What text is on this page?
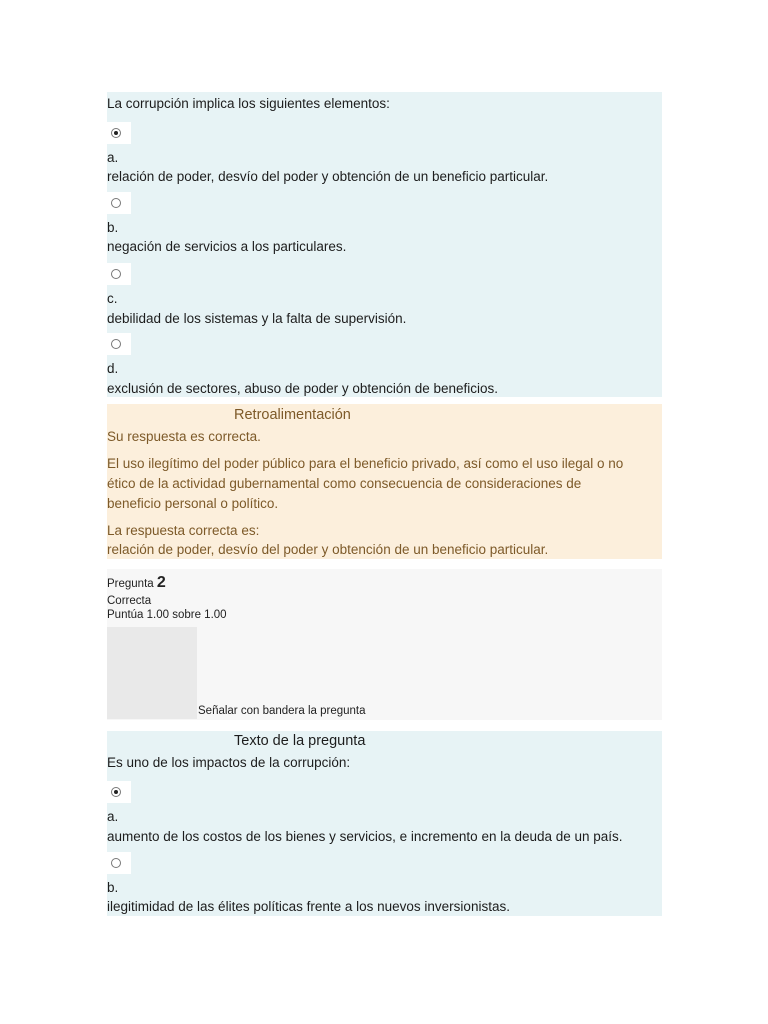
La corrupción implica los siguientes elementos:
a.
relación de poder, desvío del poder y obtención de un beneficio particular.
b.
negación de servicios a los particulares.
c.
debilidad de los sistemas y la falta de supervisión.
d.
exclusión de sectores, abuso de poder y obtención de beneficios.
Retroalimentación
Su respuesta es correcta.
El uso ilegítimo del poder público para el beneficio privado, así como el uso ilegal o no
ético de la actividad gubernamental como consecuencia de consideraciones de
beneficio personal o político.
La respuesta correcta es:
relación de poder, desvío del poder y obtención de un beneficio particular.
Pregunta 2
Correcta
Puntúa 1.00 sobre 1.00
Señalar con bandera la pregunta
Texto de la pregunta
Es uno de los impactos de la corrupción:
a.
aumento de los costos de los bienes y servicios, e incremento en la deuda de un país.
b.
ilegitimidad de las élites políticas frente a los nuevos inversionistas.
